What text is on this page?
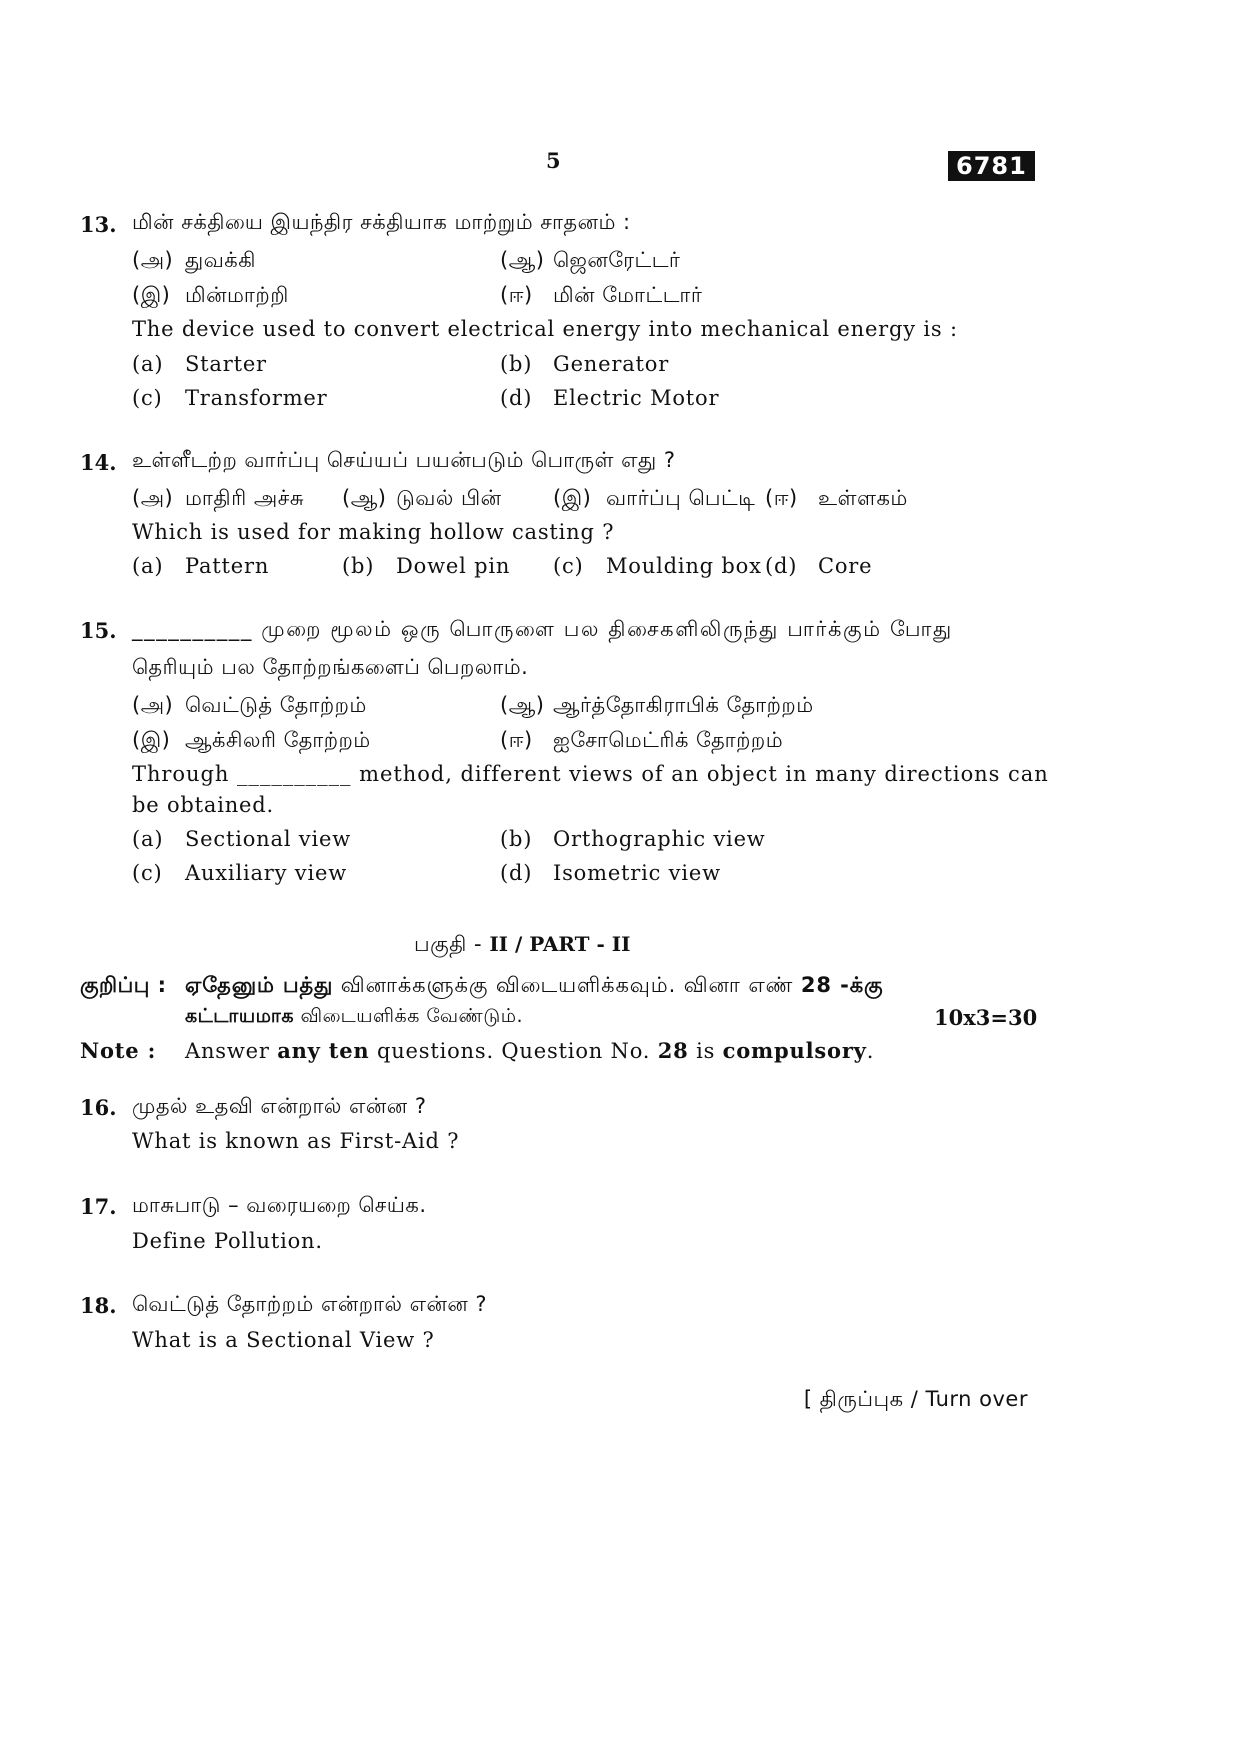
5	6781
13. மின் சக்தியை இயந்திர சக்தியாக மாற்றும் சாதனம் :
(அ) துவக்கி	(ஆ) ஜெனரேட்டர்
(இ) மின்மாற்றி	(ஈ) மின் மோட்டார்
The device used to convert electrical energy into mechanical energy is :
(a) Starter	(b) Generator
(c) Transformer	(d) Electric Motor
14. உள்ளீடற்ற வார்ப்பு செய்யப் பயன்படும் பொருள் எது ?
(அ) மாதிரி அச்சு (ஆ) டுவல் பின் (இ) வார்ப்பு பெட்டி (ஈ) உள்ளகம்
Which is used for making hollow casting ?
(a) Pattern	(b) Dowel pin (c) Moulding box (d) Core
15. __________ முறை மூலம் ஒரு பொருளை பல திசைகளிலிருந்து பார்க்கும் போது
தெரியும் பல தோற்றங்களைப் பெறலாம்.
(அ) வெட்டுத் தோற்றம்	(ஆ) ஆர்த்தோகிராபிக் தோற்றம்
(இ) ஆக்சிலரி தோற்றம்	(ஈ) ஐசோமெட்ரிக் தோற்றம்
Through __________ method, different views of an object in many directions can
be obtained.
(a) Sectional view	(b) Orthographic view
(c) Auxiliary view	(d) Isometric view
பகுதி - II / PART - II
குறிப்பு : ஏதேனும் பத்து வினாக்களுக்கு விடையளிக்கவும். வினா எண் 28 -க்கு
கட்டாயமாக விடையளிக்க வேண்டும்.	10x3=30
Note : Answer any ten questions. Question No. 28 is compulsory.
16. முதல் உதவி என்றால் என்ன ?
What is known as First-Aid ?
17. மாசுபாடு – வரையறை செய்க.
Define Pollution.
18. வெட்டுத் தோற்றம் என்றால் என்ன ?
What is a Sectional View ?
[ திருப்புக / Turn over
